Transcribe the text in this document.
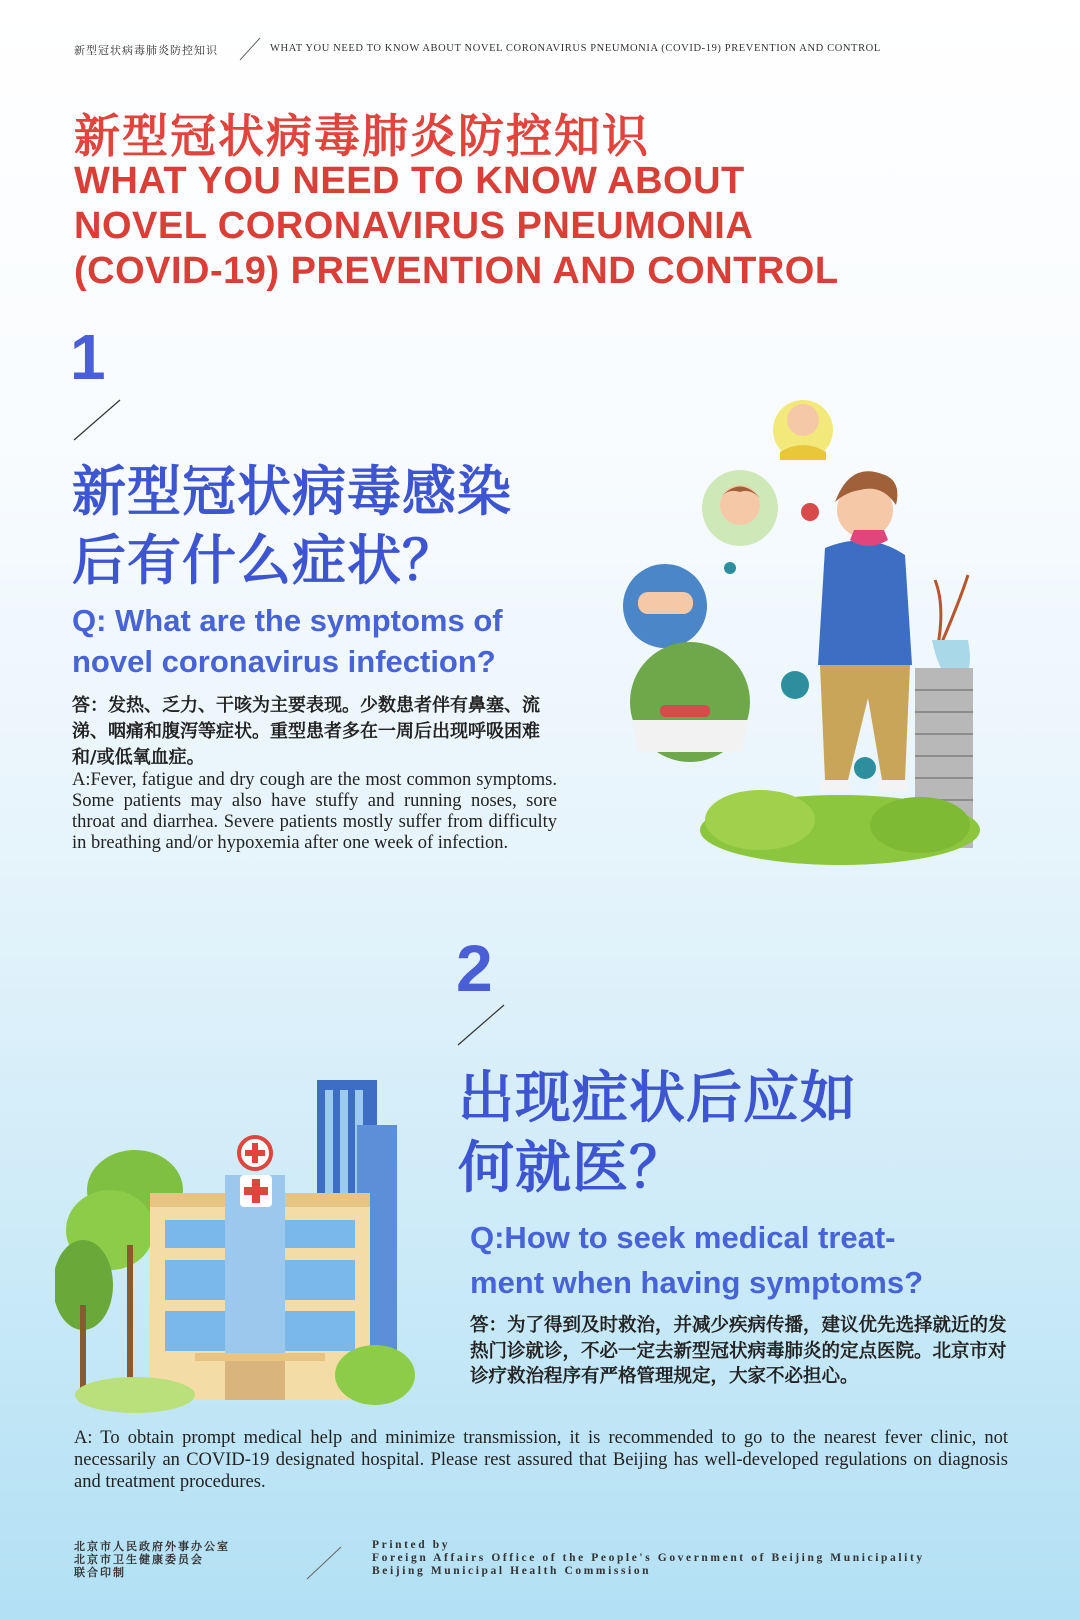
新型冠状病毒肺炎防控知识	WHAT YOU NEED TO KNOW ABOUT NOVEL CORONAVIRUS PNEUMONIA (COVID-19) PREVENTION AND CONTROL
新型冠状病毒肺炎防控知识
WHAT YOU NEED TO KNOW ABOUT
NOVEL CORONAVIRUS PNEUMONIA
(COVID-19) PREVENTION AND CONTROL
1
新型冠状病毒感染
后有什么症状？
Q: What are the symptoms of
novel coronavirus infection?
答：发热、乏力、干咳为主要表现。少数患者伴有鼻塞、流涕、咽痛和腹泻等症状。重型患者多在一周后出现呼吸困难和/或低氧血症。
A:Fever, fatigue and dry cough are the most common symptoms. Some patients may also have stuffy and running noses, sore throat and diarrhea. Severe patients mostly suffer from difficulty in breathing and/or hypoxemia after one week of infection.
2
出现症状后应如
何就医？
Q:How to seek medical treat-
ment when having symptoms?
答：为了得到及时救治，并减少疾病传播，建议优先选择就近的发热门诊就诊，不必一定去新型冠状病毒肺炎的定点医院。北京市对诊疗救治程序有严格管理规定，大家不必担心。
A: To obtain prompt medical help and minimize transmission, it is recommended to go to the nearest fever clinic, not necessarily an COVID-19 designated hospital. Please rest assured that Beijing has well-developed regulations on diagnosis and treatment procedures.
北京市人民政府外事办公室
北京市卫生健康委员会
联合印制
Printed by
Foreign Affairs Office of the People's Government of Beijing Municipality
Beijing Municipal Health Commission
